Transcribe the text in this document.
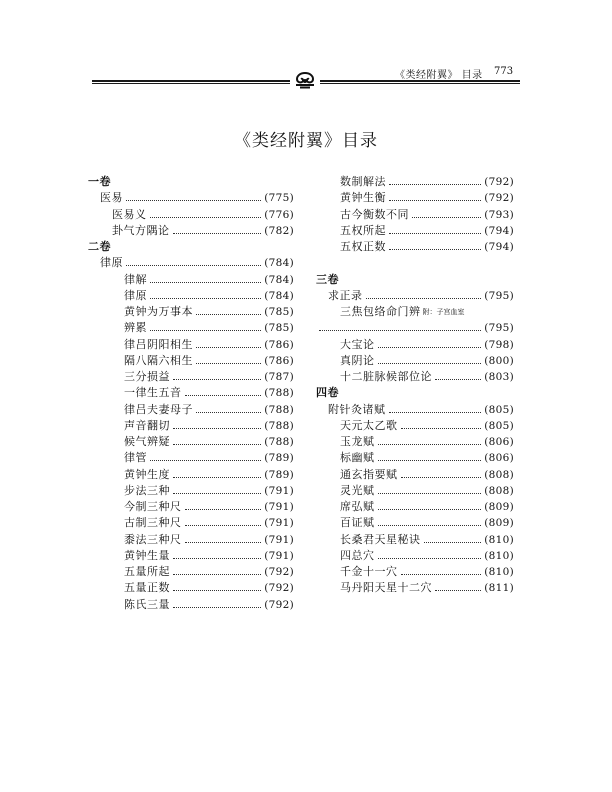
《类经附翼》 目录 773
《类经附翼》目录
一卷
医易	(775)
医易义	(776)
卦气方隅论	(782)
二卷
律原	(784)
律解	(784)
律原	(784)
黄钟为万事本	(785)
辨累	(785)
律吕阴阳相生	(786)
隔八隔六相生	(786)
三分损益	(787)
一律生五音	(788)
律吕夫妻母子	(788)
声音翻切	(788)
候气辨疑	(788)
律管	(789)
黄钟生度	(789)
步法三种	(791)
今制三种尺	(791)
古制三种尺	(791)
黍法三种尺	(791)
黄钟生量	(791)
五量所起	(792)
五量正数	(792)
陈氏三量	(792)
数制解法	(792)
黄钟生衡	(792)
古今衡数不同	(793)
五权所起	(794)
五权正数	(794)
三卷
求正录	(795)
三焦包络命门辨 附：子宫血室
(795)
大宝论	(798)
真阴论	(800)
十二脏脉候部位论	(803)
四卷
附针灸诸赋	(805)
天元太乙歌	(805)
玉龙赋	(806)
标幽赋	(806)
通玄指要赋	(808)
灵光赋	(808)
席弘赋	(809)
百证赋	(809)
长桑君天星秘诀	(810)
四总穴	(810)
千金十一穴	(810)
马丹阳天星十二穴	(811)
